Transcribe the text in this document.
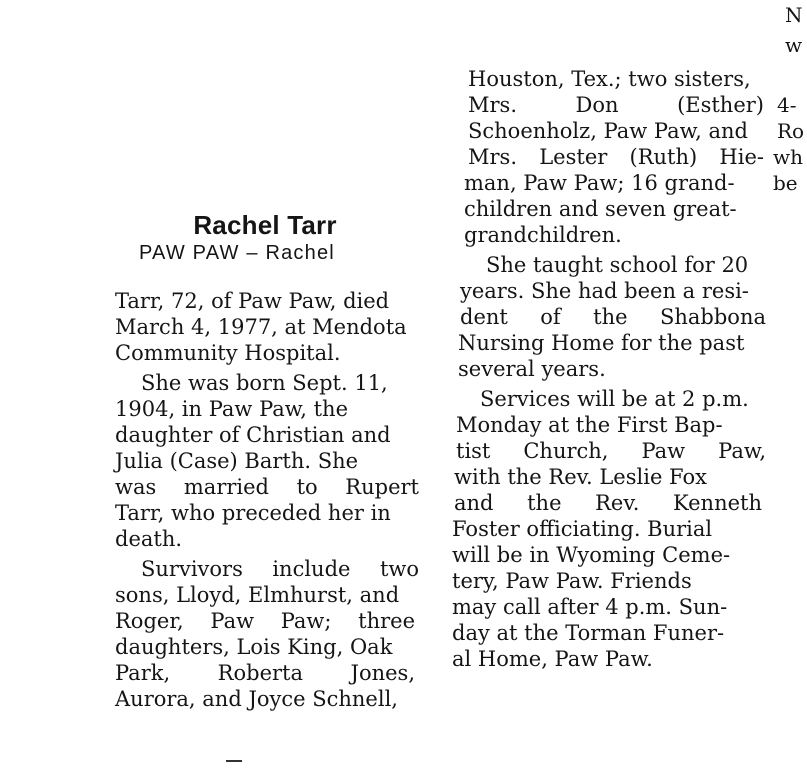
Rachel Tarr
PAW PAW – Rachel
Tarr, 72, of Paw Paw, died
March 4, 1977, at Mendota
Community Hospital.
She was born Sept. 11,
1904, in Paw Paw, the
daughter of Christian and
Julia (Case) Barth. She
was married to Rupert
Tarr, who preceded her in
death.
Survivors include two
sons, Lloyd, Elmhurst, and
Roger, Paw Paw; three
daughters, Lois King, Oak
Park, Roberta Jones,
Aurora, and Joyce Schnell,
Houston, Tex.; two sisters,
Mrs. Don (Esther)
Schoenholz, Paw Paw, and
Mrs. Lester (Ruth) Hie-
man, Paw Paw; 16 grand-
children and seven great-
grandchildren.
She taught school for 20
years. She had been a resi-
dent of the Shabbona
Nursing Home for the past
several years.
Services will be at 2 p.m.
Monday at the First Bap-
tist Church, Paw Paw,
with the Rev. Leslie Fox
and the Rev. Kenneth
Foster officiating. Burial
will be in Wyoming Ceme-
tery, Paw Paw. Friends
may call after 4 p.m. Sun-
day at the Torman Funer-
al Home, Paw Paw.
N
w
4-
Ro
wh
be
